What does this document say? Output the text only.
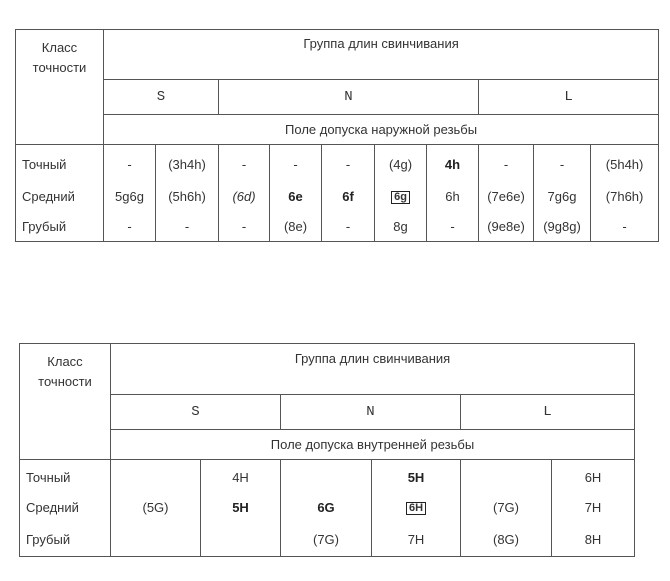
Класс
точности	Группа длин свинчивания									
	S		N					L		
	Поле допуска наружной резьбы									
Точный	-	(3h4h)	-	-	-	(4g)	4h	-	-	(5h4h)
Средний	5g6g	(5h6h)	(6d)	6e	6f	6g	6h	(7e6e)	7g6g	(7h6h)
Грубый	-	-	-	(8e)	-	8g	-	(9e8e)	(9g8g)	-
Класс
точности	Группа длин свинчивания					
	S		N		L	
	Поле допуска внутренней резьбы					
Точный		4H		5H		6H
Средний	(5G)	5H	6G	6H	(7G)	7H
Грубый			(7G)	7H	(8G)	8H
